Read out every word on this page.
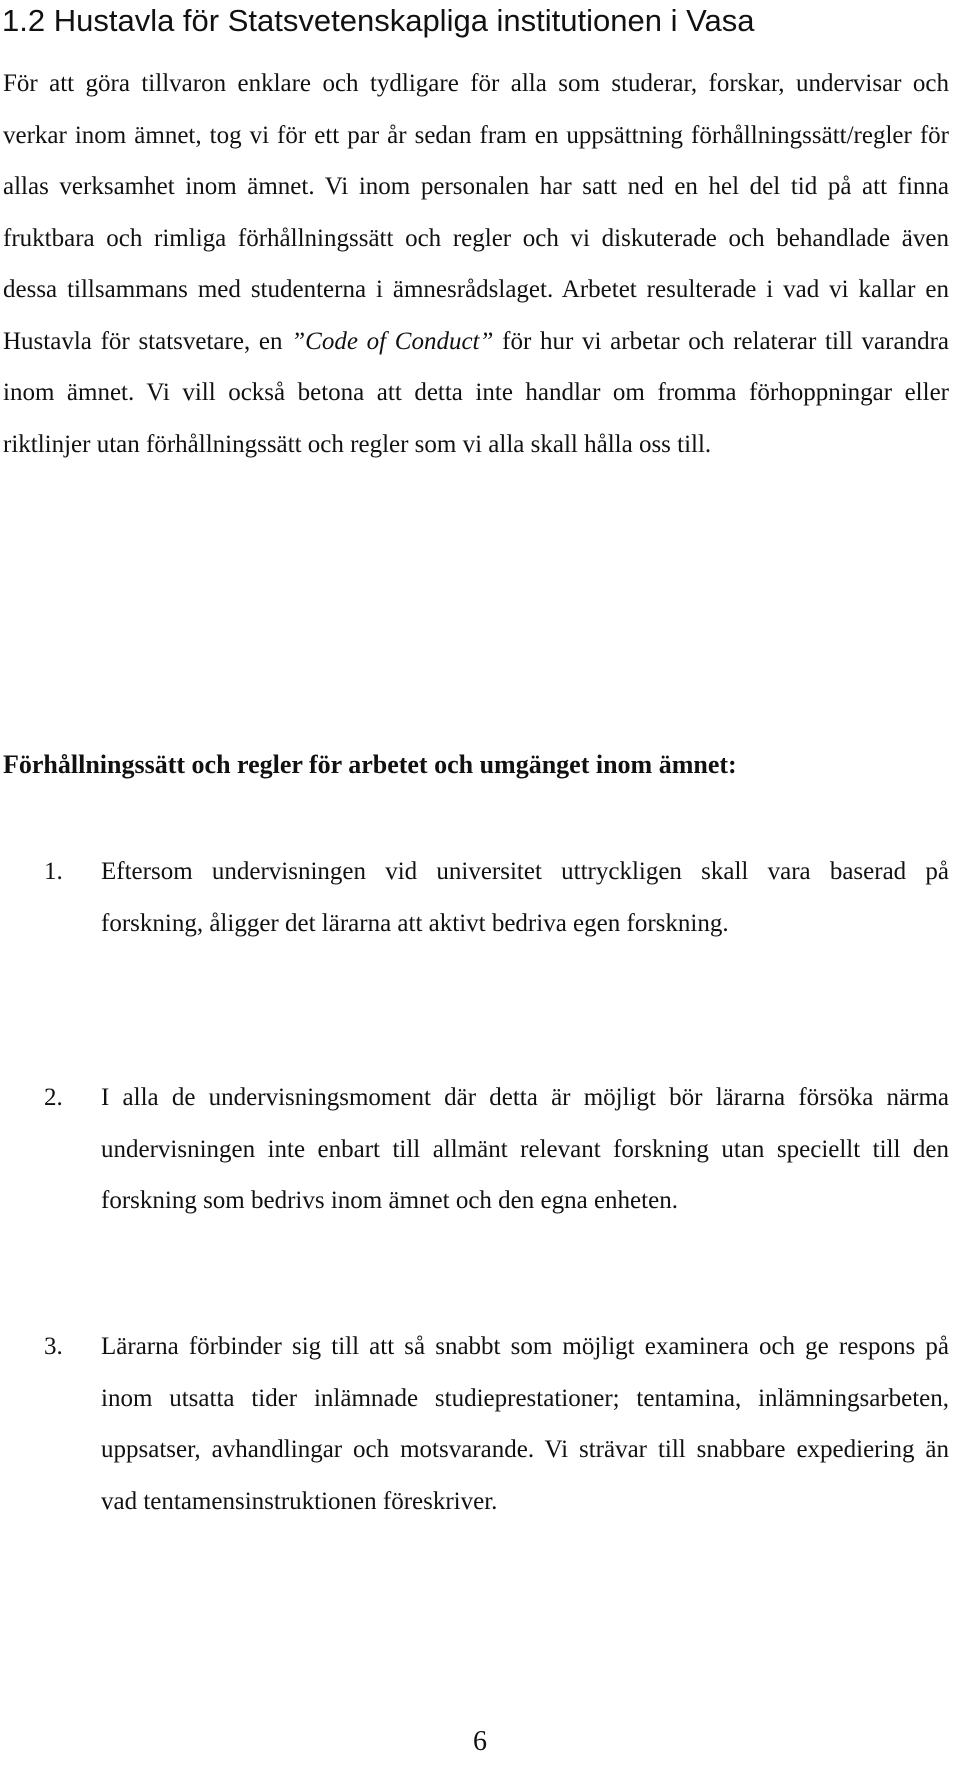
1.2 Hustavla för Statsvetenskapliga institutionen i Vasa

För att göra tillvaron enklare och tydligare för alla som studerar, forskar, undervisar och verkar inom ämnet, tog vi för ett par år sedan fram en uppsättning förhållningssätt/regler för allas verksamhet inom ämnet. Vi inom personalen har satt ned en hel del tid på att finna fruktbara och rimliga förhållningssätt och regler och vi diskuterade och behandlade även dessa tillsammans med studenterna i ämnesrådslaget. Arbetet resulterade i vad vi kallar en Hustavla för statsvetare, en ”Code of Conduct” för hur vi arbetar och relaterar till varandra inom ämnet. Vi vill också betona att detta inte handlar om fromma förhoppningar eller riktlinjer utan förhållningssätt och regler som vi alla skall hålla oss till.

Förhållningssätt och regler för arbetet och umgänget inom ämnet:
1.	Eftersom undervisningen vid universitet uttryckligen skall vara baserad på forskning, åligger det lärarna att aktivt bedriva egen forskning.

2.	I alla de undervisningsmoment där detta är möjligt bör lärarna försöka närma undervisningen inte enbart till allmänt relevant forskning utan speciellt till den forskning som bedrivs inom ämnet och den egna enheten.

3.	Lärarna förbinder sig till att så snabbt som möjligt examinera och ge respons på inom utsatta tider inlämnade studieprestationer; tentamina, inlämningsarbeten, uppsatser, avhandlingar och motsvarande. Vi strävar till snabbare expediering än vad tentamensinstruktionen föreskriver.

6
